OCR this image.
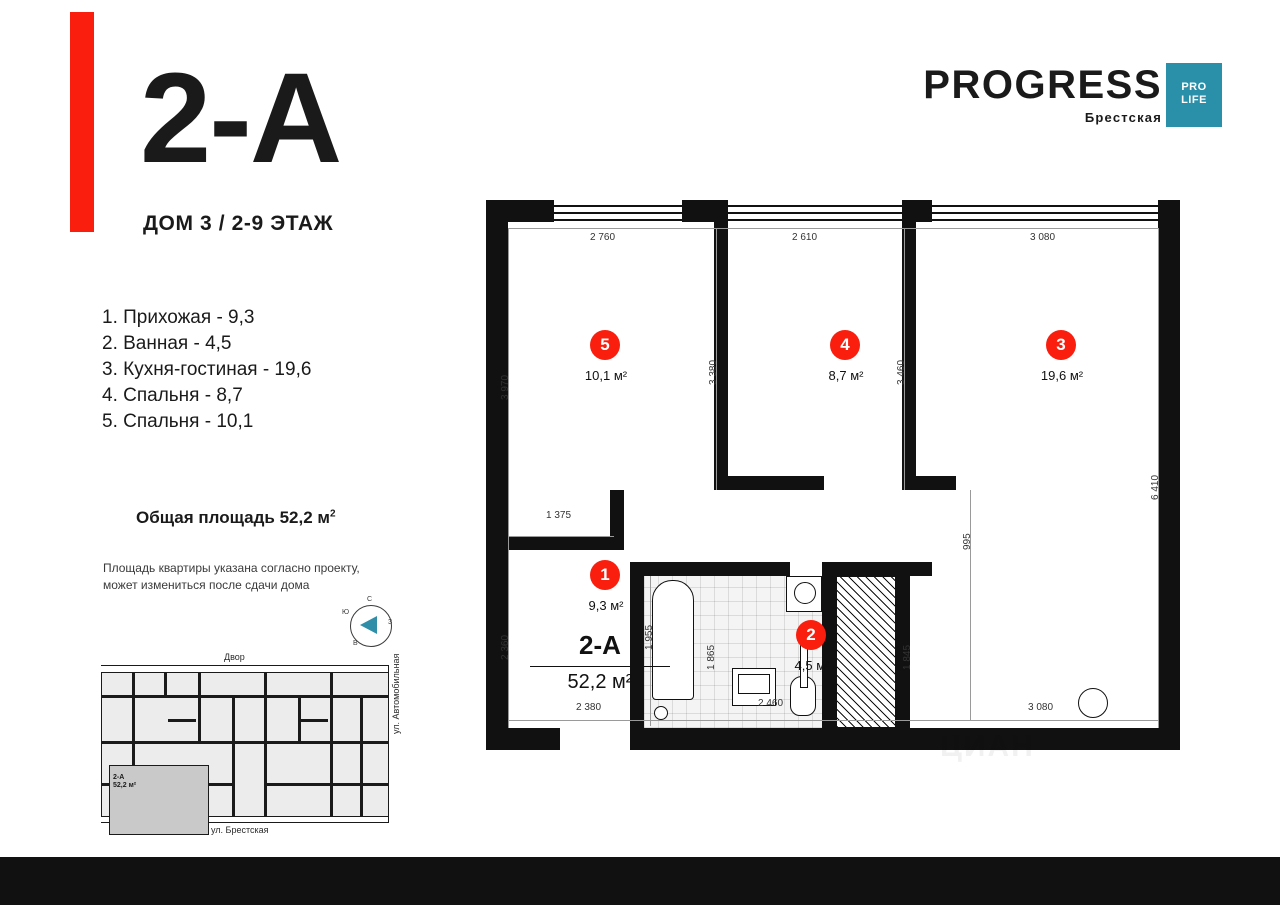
2-А
ДОМ 3 / 2-9 ЭТАЖ
1. Прихожая - 9,3
2. Ванная - 4,5
3. Кухня-гостиная - 19,6
4. Спальня - 8,7
5. Спальня - 10,1
Общая площадь 52,2 $м^2$
Площадь квартиры указана согласно проекту,
может измениться после сдачи дома
С
Ю
В
З
Двор
ул. Брестская
ул. Автомобильная
2-А
52,2 м²
PROGRESS
Брестская
PRO
LIFE
2 760	2 610	3 080
3 970
2 360
3 380	3 460
6 410
995
1 955
1 865	1 845
1 375
2 380	2 460	3 080
5
10,1 м²
4
8,7 м²
3
19,6 м²
1
9,3 м²
2
4,5 м²
2-А
52,2 м²
ЦИАН
